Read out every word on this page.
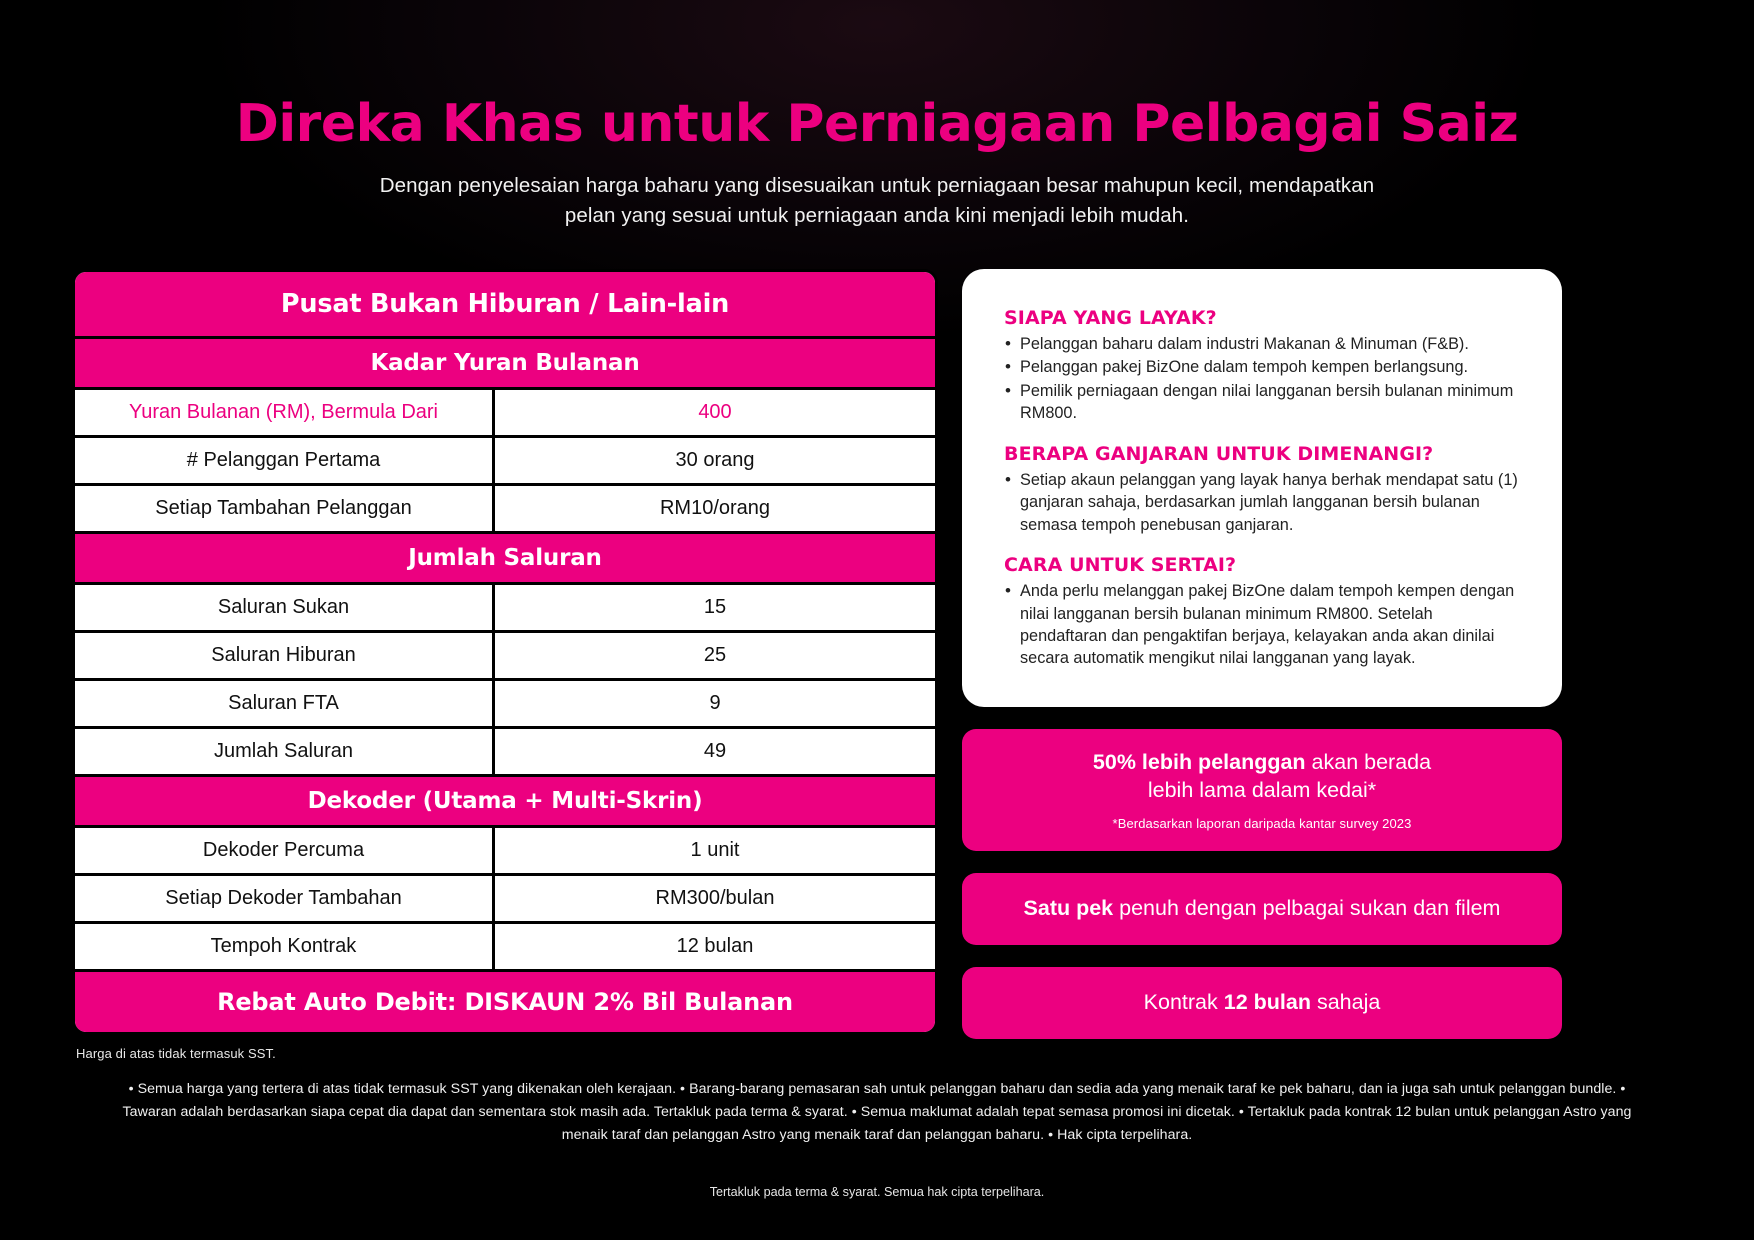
Direka Khas untuk Perniagaan Pelbagai Saiz
Dengan penyelesaian harga baharu yang disesuaikan untuk perniagaan besar mahupun kecil, mendapatkan
pelan yang sesuai untuk perniagaan anda kini menjadi lebih mudah.
Pusat Bukan Hiburan / Lain-lain
Kadar Yuran Bulanan
Yuran Bulanan (RM), Bermula Dari	400
# Pelanggan Pertama	30 orang
Setiap Tambahan Pelanggan	RM10/orang
Jumlah Saluran
Saluran Sukan	15
Saluran Hiburan	25
Saluran FTA	9
Jumlah Saluran	49
Dekoder (Utama + Multi-Skrin)
Dekoder Percuma	1 unit
Setiap Dekoder Tambahan	RM300/bulan
Tempoh Kontrak	12 bulan
Rebat Auto Debit: DISKAUN 2% Bil Bulanan
Harga di atas tidak termasuk SST.
SIAPA YANG LAYAK?
• Pelanggan baharu dalam industri Makanan & Minuman (F&B).
• Pelanggan pakej BizOne dalam tempoh kempen berlangsung.
• Pemilik perniagaan dengan nilai langganan bersih bulanan minimum RM800.
BERAPA GANJARAN UNTUK DIMENANGI?
• Setiap akaun pelanggan yang layak hanya berhak mendapat satu (1) ganjaran sahaja, berdasarkan jumlah langganan bersih bulanan semasa tempoh penebusan ganjaran.
CARA UNTUK SERTAI?
• Anda perlu melanggan pakej BizOne dalam tempoh kempen dengan nilai langganan bersih bulanan minimum RM800. Setelah pendaftaran dan pengaktifan berjaya, kelayakan anda akan dinilai secara automatik mengikut nilai langganan yang layak.
50% lebih pelanggan akan berada
lebih lama dalam kedai*
*Berdasarkan laporan daripada kantar survey 2023
Satu pek penuh dengan pelbagai sukan dan filem
Kontrak 12 bulan sahaja
• Semua harga yang tertera di atas tidak termasuk SST yang dikenakan oleh kerajaan. • Barang-barang pemasaran sah untuk pelanggan baharu dan sedia ada yang menaik taraf ke pek baharu, dan ia juga sah untuk pelanggan bundle. • Tawaran adalah berdasarkan siapa cepat dia dapat dan sementara stok masih ada. Tertakluk pada terma & syarat. • Semua maklumat adalah tepat semasa promosi ini dicetak. • Tertakluk pada kontrak 12 bulan untuk pelanggan Astro yang menaik taraf dan pelanggan Astro yang menaik taraf dan pelanggan baharu. • Hak cipta terpelihara.
Tertakluk pada terma & syarat. Semua hak cipta terpelihara.
